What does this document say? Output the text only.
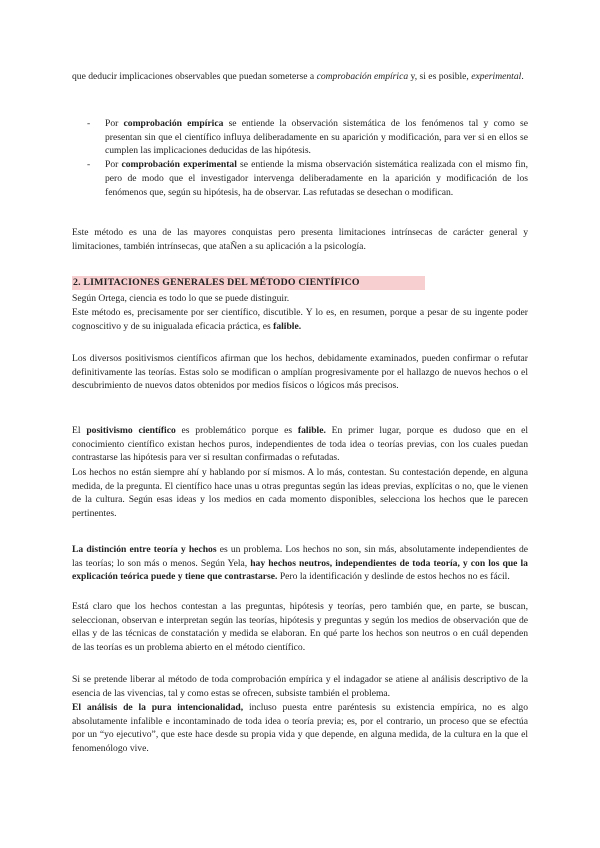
que deducir implicaciones observables que puedan someterse a comprobación empírica y, si es posible, experimental.

- Por comprobación empírica se entiende la observación sistemática de los fenómenos tal y como se presentan sin que el científico influya deliberadamente en su aparición y modificación, para ver si en ellos se cumplen las implicaciones deducidas de las hipótesis.
- Por comprobación experimental se entiende la misma observación sistemática realizada con el mismo fin, pero de modo que el investigador intervenga deliberadamente en la aparición y modificación de los fenómenos que, según su hipótesis, ha de observar. Las refutadas se desechan o modifican.

Este método es una de las mayores conquistas pero presenta limitaciones intrínsecas de carácter general y limitaciones, también intrínsecas, que ataÑen a su aplicación a la psicología.

2. LIMITACIONES GENERALES DEL MÉTODO CIENTÍFICO

Según Ortega, ciencia es todo lo que se puede distinguir.

Este método es, precisamente por ser científico, discutible. Y lo es, en resumen, porque a pesar de su ingente poder cognoscitivo y de su inigualada eficacia práctica, es falible.

Los diversos positivismos científicos afirman que los hechos, debidamente examinados, pueden confirmar o refutar definitivamente las teorías. Estas solo se modifican o amplían progresivamente por el hallazgo de nuevos hechos o el descubrimiento de nuevos datos obtenidos por medios físicos o lógicos más precisos.

El positivismo científico es problemático porque es falible. En primer lugar, porque es dudoso que en el conocimiento científico existan hechos puros, independientes de toda idea o teorías previas, con los cuales puedan contrastarse las hipótesis para ver si resultan confirmadas o refutadas.

Los hechos no están siempre ahí y hablando por sí mismos. A lo más, contestan. Su contestación depende, en alguna medida, de la pregunta. El científico hace unas u otras preguntas según las ideas previas, explícitas o no, que le vienen de la cultura. Según esas ideas y los medios en cada momento disponibles, selecciona los hechos que le parecen pertinentes.

La distinción entre teoría y hechos es un problema. Los hechos no son, sin más, absolutamente independientes de las teorías; lo son más o menos. Según Yela, hay hechos neutros, independientes de toda teoría, y con los que la explicación teórica puede y tiene que contrastarse. Pero la identificación y deslinde de estos hechos no es fácil.

Está claro que los hechos contestan a las preguntas, hipótesis y teorías, pero también que, en parte, se buscan, seleccionan, observan e interpretan según las teorías, hipótesis y preguntas y según los medios de observación que de ellas y de las técnicas de constatación y medida se elaboran. En qué parte los hechos son neutros o en cuál dependen de las teorías es un problema abierto en el método científico.

Si se pretende liberar al método de toda comprobación empírica y el indagador se atiene al análisis descriptivo de la esencia de las vivencias, tal y como estas se ofrecen, subsiste también el problema.

El análisis de la pura intencionalidad, incluso puesta entre paréntesis su existencia empírica, no es algo absolutamente infalible e incontaminado de toda idea o teoría previa; es, por el contrario, un proceso que se efectúa por un “yo ejecutivo”, que este hace desde su propia vida y que depende, en alguna medida, de la cultura en la que el fenomenólogo vive.
